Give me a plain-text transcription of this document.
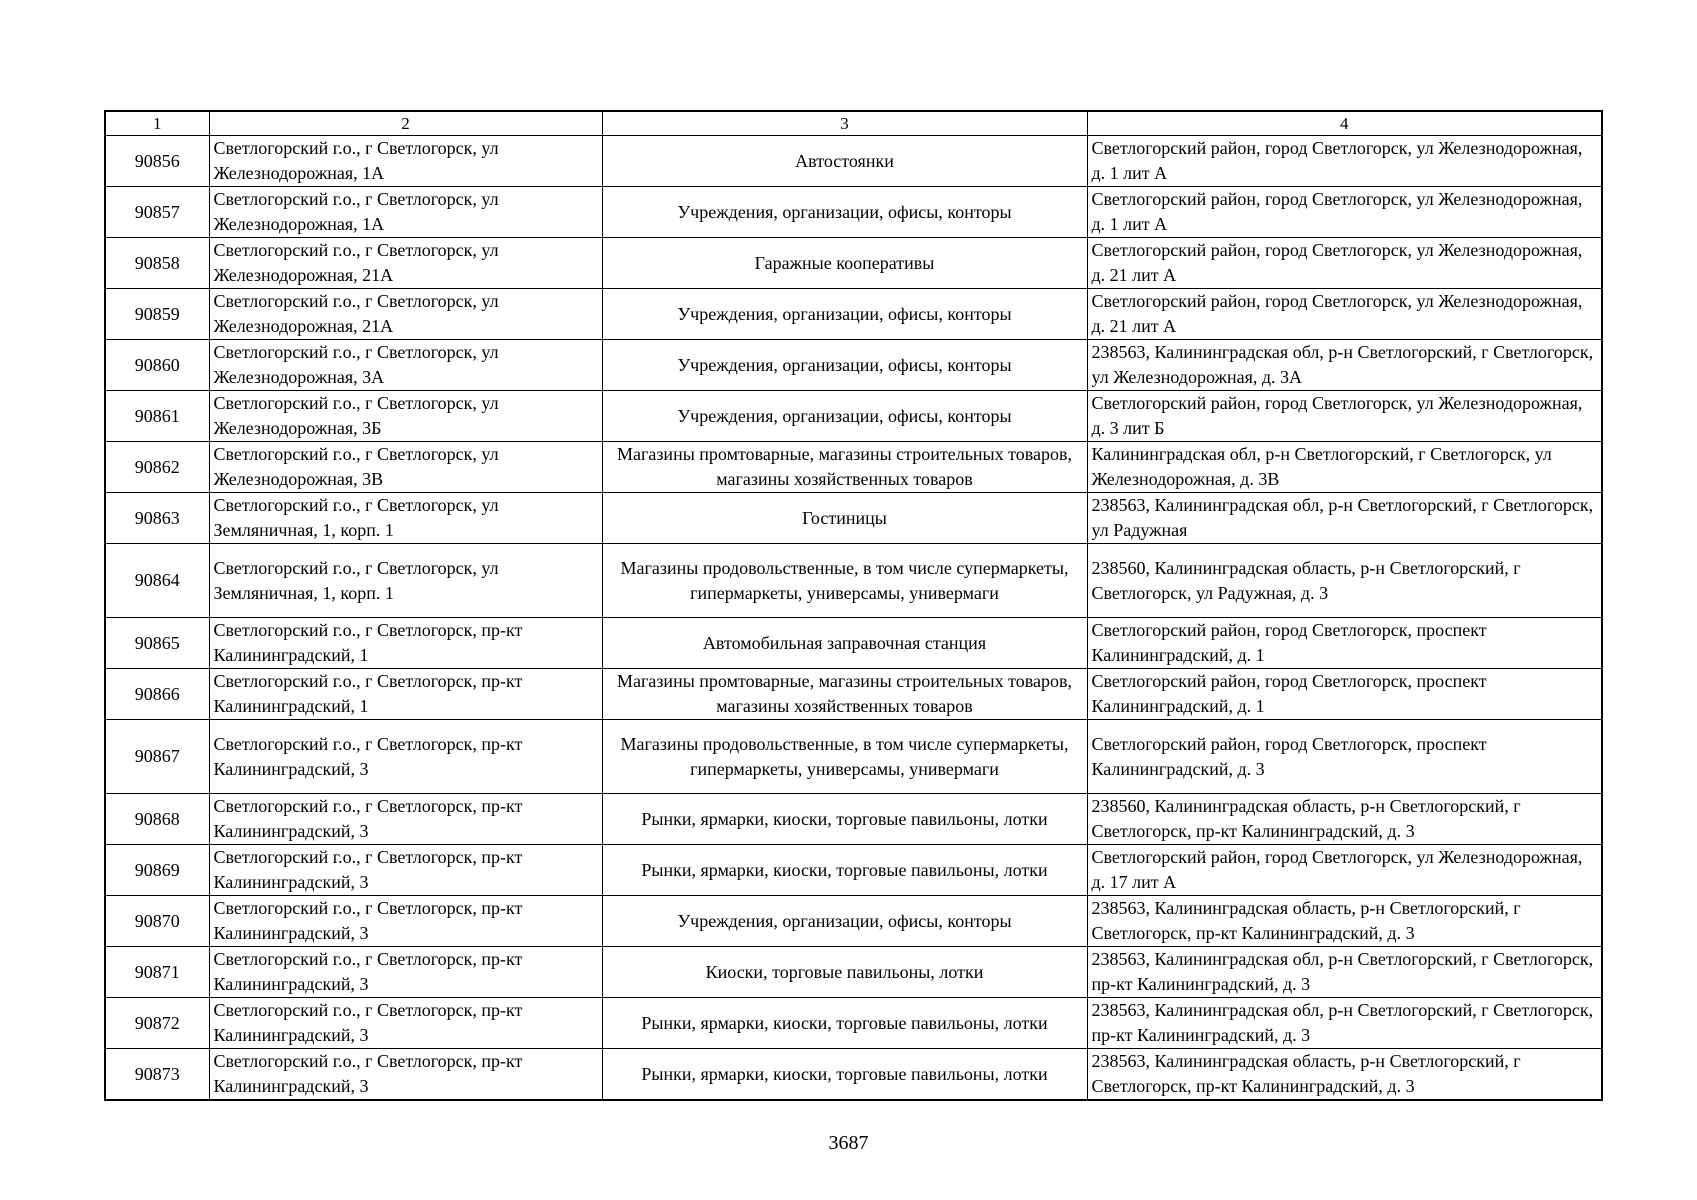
1	2	3	4
90856	Светлогорский г.о., г Светлогорск, ул Железнодорожная, 1А	Автостоянки	Светлогорский район, город Светлогорск, ул Железнодорожная, д. 1 лит А
90857	Светлогорский г.о., г Светлогорск, ул Железнодорожная, 1А	Учреждения, организации, офисы, конторы	Светлогорский район, город Светлогорск, ул Железнодорожная, д. 1 лит А
90858	Светлогорский г.о., г Светлогорск, ул Железнодорожная, 21А	Гаражные кооперативы	Светлогорский район, город Светлогорск, ул Железнодорожная, д. 21 лит А
90859	Светлогорский г.о., г Светлогорск, ул Железнодорожная, 21А	Учреждения, организации, офисы, конторы	Светлогорский район, город Светлогорск, ул Железнодорожная, д. 21 лит А
90860	Светлогорский г.о., г Светлогорск, ул Железнодорожная, 3А	Учреждения, организации, офисы, конторы	238563, Калининградская обл, р-н Светлогорский, г Светлогорск, ул Железнодорожная, д. 3А
90861	Светлогорский г.о., г Светлогорск, ул Железнодорожная, 3Б	Учреждения, организации, офисы, конторы	Светлогорский район, город Светлогорск, ул Железнодорожная, д. 3 лит Б
90862	Светлогорский г.о., г Светлогорск, ул Железнодорожная, 3В	Магазины промтоварные, магазины строительных товаров, магазины хозяйственных товаров	Калининградская обл, р-н Светлогорский, г Светлогорск, ул Железнодорожная, д. 3В
90863	Светлогорский г.о., г Светлогорск, ул Земляничная, 1, корп. 1	Гостиницы	238563, Калининградская обл, р-н Светлогорский, г Светлогорск, ул Радужная
90864	Светлогорский г.о., г Светлогорск, ул Земляничная, 1, корп. 1	Магазины продовольственные, в том числе супермаркеты, гипермаркеты, универсамы, универмаги	238560, Калининградская область, р-н Светлогорский, г Светлогорск, ул Радужная, д. 3
90865	Светлогорский г.о., г Светлогорск, пр-кт Калининградский, 1	Автомобильная заправочная станция	Светлогорский район, город Светлогорск, проспект Калининградский, д. 1
90866	Светлогорский г.о., г Светлогорск, пр-кт Калининградский, 1	Магазины промтоварные, магазины строительных товаров, магазины хозяйственных товаров	Светлогорский район, город Светлогорск, проспект Калининградский, д. 1
90867	Светлогорский г.о., г Светлогорск, пр-кт Калининградский, 3	Магазины продовольственные, в том числе супермаркеты, гипермаркеты, универсамы, универмаги	Светлогорский район, город Светлогорск, проспект Калининградский, д. 3
90868	Светлогорский г.о., г Светлогорск, пр-кт Калининградский, 3	Рынки, ярмарки, киоски, торговые павильоны, лотки	238560, Калининградская область, р-н Светлогорский, г Светлогорск, пр-кт Калининградский, д. 3
90869	Светлогорский г.о., г Светлогорск, пр-кт Калининградский, 3	Рынки, ярмарки, киоски, торговые павильоны, лотки	Светлогорский район, город Светлогорск, ул Железнодорожная, д. 17 лит А
90870	Светлогорский г.о., г Светлогорск, пр-кт Калининградский, 3	Учреждения, организации, офисы, конторы	238563, Калининградская область, р-н Светлогорский, г Светлогорск, пр-кт Калининградский, д. 3
90871	Светлогорский г.о., г Светлогорск, пр-кт Калининградский, 3	Киоски, торговые павильоны, лотки	238563, Калининградская обл, р-н Светлогорский, г Светлогорск, пр-кт Калининградский, д. 3
90872	Светлогорский г.о., г Светлогорск, пр-кт Калининградский, 3	Рынки, ярмарки, киоски, торговые павильоны, лотки	238563, Калининградская обл, р-н Светлогорский, г Светлогорск, пр-кт Калининградский, д. 3
90873	Светлогорский г.о., г Светлогорск, пр-кт Калининградский, 3	Рынки, ярмарки, киоски, торговые павильоны, лотки	238563, Калининградская область, р-н Светлогорский, г Светлогорск, пр-кт Калининградский, д. 3
3687
